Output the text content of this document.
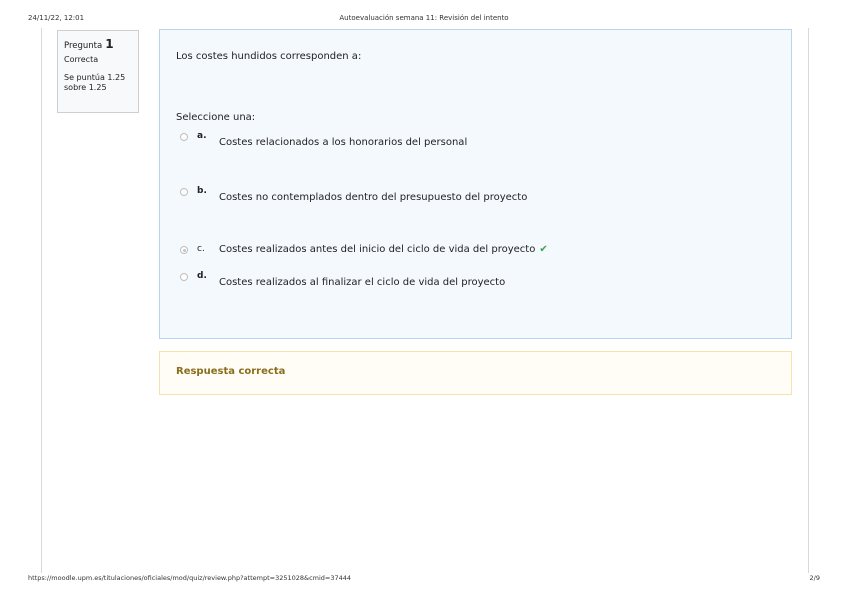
24/11/22, 12:01	Autoevaluación semana 11: Revisión del intento
Pregunta 1
Correcta
Se puntúa 1.25 sobre 1.25
Los costes hundidos corresponden a:
Seleccione una:
a.
Costes relacionados a los honorarios del personal
b.
Costes no contemplados dentro del presupuesto del proyecto
c. Costes realizados antes del inicio del ciclo de vida del proyecto ✔
d.
Costes realizados al finalizar el ciclo de vida del proyecto
Respuesta correcta
https://moodle.upm.es/titulaciones/oficiales/mod/quiz/review.php?attempt=3251028&cmid=37444	2/9
